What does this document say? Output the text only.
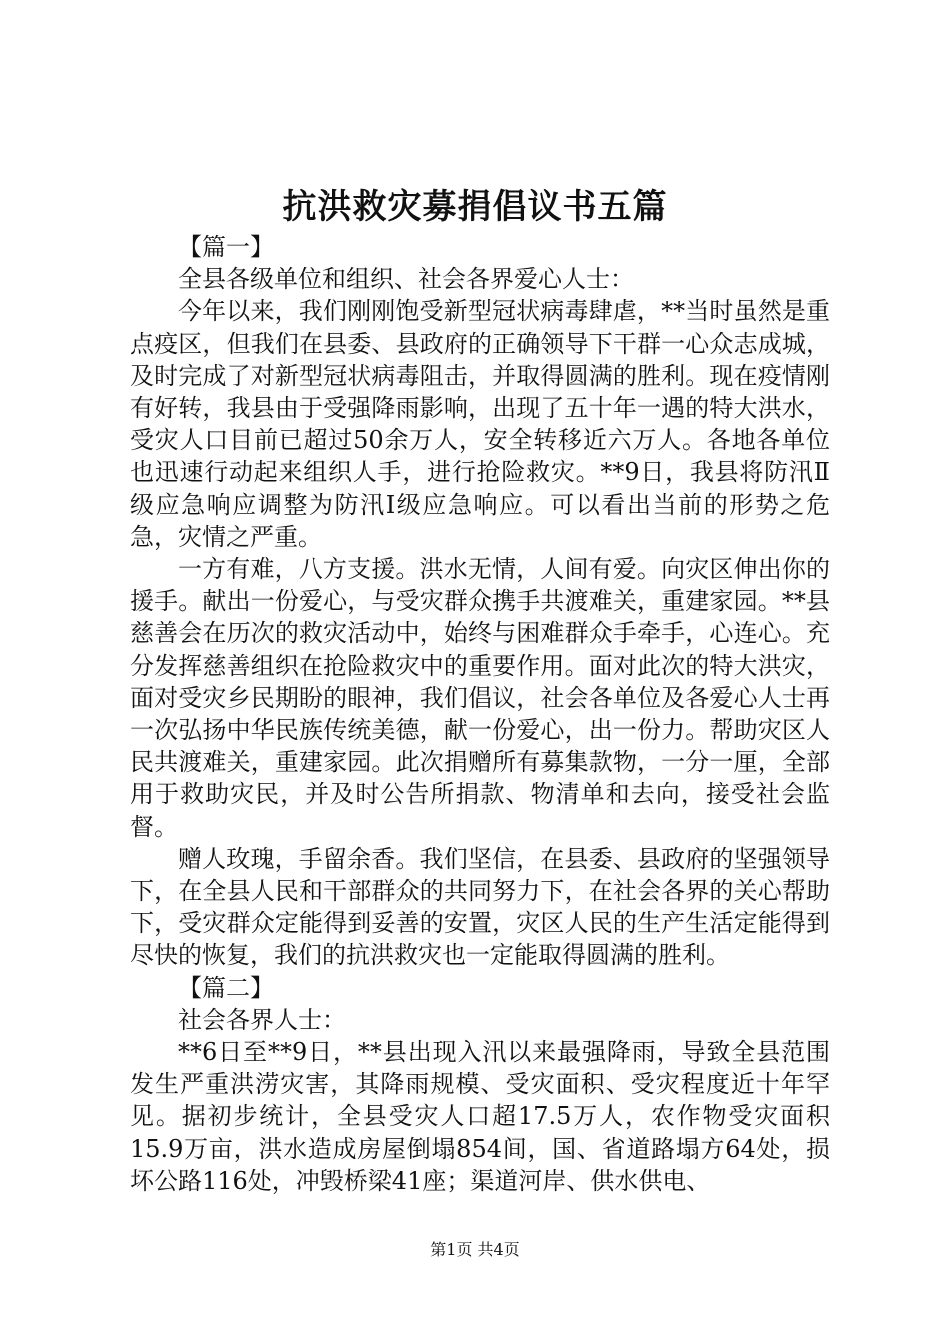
抗洪救灾募捐倡议书五篇

【篇一】

全县各级单位和组织、社会各界爱心人士：

今年以来，我们刚刚饱受新型冠状病毒肆虐，**当时虽然是重点疫区，但我们在县委、县政府的正确领导下干群一心众志成城，及时完成了对新型冠状病毒阻击，并取得圆满的胜利。现在疫情刚有好转，我县由于受强降雨影响，出现了五十年一遇的特大洪水，受灾人口目前已超过50余万人，安全转移近六万人。各地各单位也迅速行动起来组织人手，进行抢险救灾。**9日，我县将防汛Ⅱ级应急响应调整为防汛Ⅰ级应急响应。可以看出当前的形势之危急，灾情之严重。

一方有难，八方支援。洪水无情，人间有爱。向灾区伸出你的援手。献出一份爱心，与受灾群众携手共渡难关，重建家园。**县慈善会在历次的救灾活动中，始终与困难群众手牵手，心连心。充分发挥慈善组织在抢险救灾中的重要作用。面对此次的特大洪灾，面对受灾乡民期盼的眼神，我们倡议，社会各单位及各爱心人士再一次弘扬中华民族传统美德，献一份爱心，出一份力。帮助灾区人民共渡难关，重建家园。此次捐赠所有募集款物，一分一厘，全部用于救助灾民，并及时公告所捐款、物清单和去向，接受社会监督。

赠人玫瑰，手留余香。我们坚信，在县委、县政府的坚强领导下，在全县人民和干部群众的共同努力下，在社会各界的关心帮助下，受灾群众定能得到妥善的安置，灾区人民的生产生活定能得到尽快的恢复，我们的抗洪救灾也一定能取得圆满的胜利。

【篇二】

社会各界人士：

**6日至**9日，**县出现入汛以来最强降雨，导致全县范围发生严重洪涝灾害，其降雨规模、受灾面积、受灾程度近十年罕见。据初步统计，全县受灾人口超17.5万人，农作物受灾面积15.9万亩，洪水造成房屋倒塌854间，国、省道路塌方64处，损坏公路116处，冲毁桥梁41座；渠道河岸、供水供电、

第1页 共4页
